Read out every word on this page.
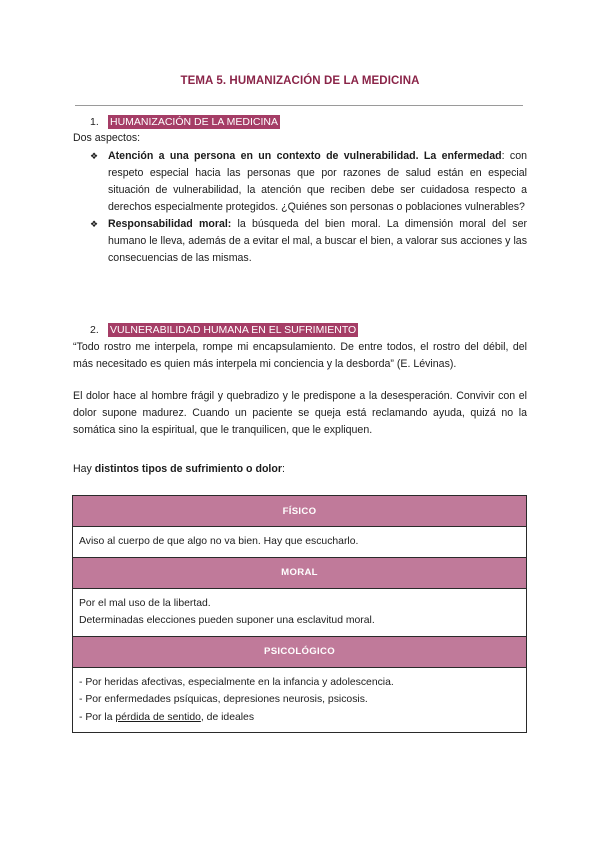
TEMA 5. HUMANIZACIÓN DE LA MEDICINA
1.	HUMANIZACIÓN DE LA MEDICINA
Dos aspectos:
❖ Atención a una persona en un contexto de vulnerabilidad. La enfermedad: con respeto especial hacia las personas que por razones de salud están en especial situación de vulnerabilidad, la atención que reciben debe ser cuidadosa respecto a derechos especialmente protegidos. ¿Quiénes son personas o poblaciones vulnerables?
❖ Responsabilidad moral: la búsqueda del bien moral. La dimensión moral del ser humano le lleva, además de a evitar el mal, a buscar el bien, a valorar sus acciones y las consecuencias de las mismas.
2.	VULNERABILIDAD HUMANA EN EL SUFRIMIENTO
“Todo rostro me interpela, rompe mi encapsulamiento. De entre todos, el rostro del débil, del más necesitado es quien más interpela mi conciencia y la desborda” (E. Lévinas).
El dolor hace al hombre frágil y quebradizo y le predispone a la desesperación. Convivir con el dolor supone madurez. Cuando un paciente se queja está reclamando ayuda, quizá no la somática sino la espiritual, que le tranquilicen, que le expliquen.
Hay distintos tipos de sufrimiento o dolor:
FÍSICO

Aviso al cuerpo de que algo no va bien. Hay que escucharlo.

MORAL

Por el mal uso de la libertad.
Determinadas elecciones pueden suponer una esclavitud moral.

PSICOLÓGICO

- Por heridas afectivas, especialmente en la infancia y adolescencia.
- Por enfermedades psíquicas, depresiones neurosis, psicosis.
- Por la pérdida de sentido, de ideales
